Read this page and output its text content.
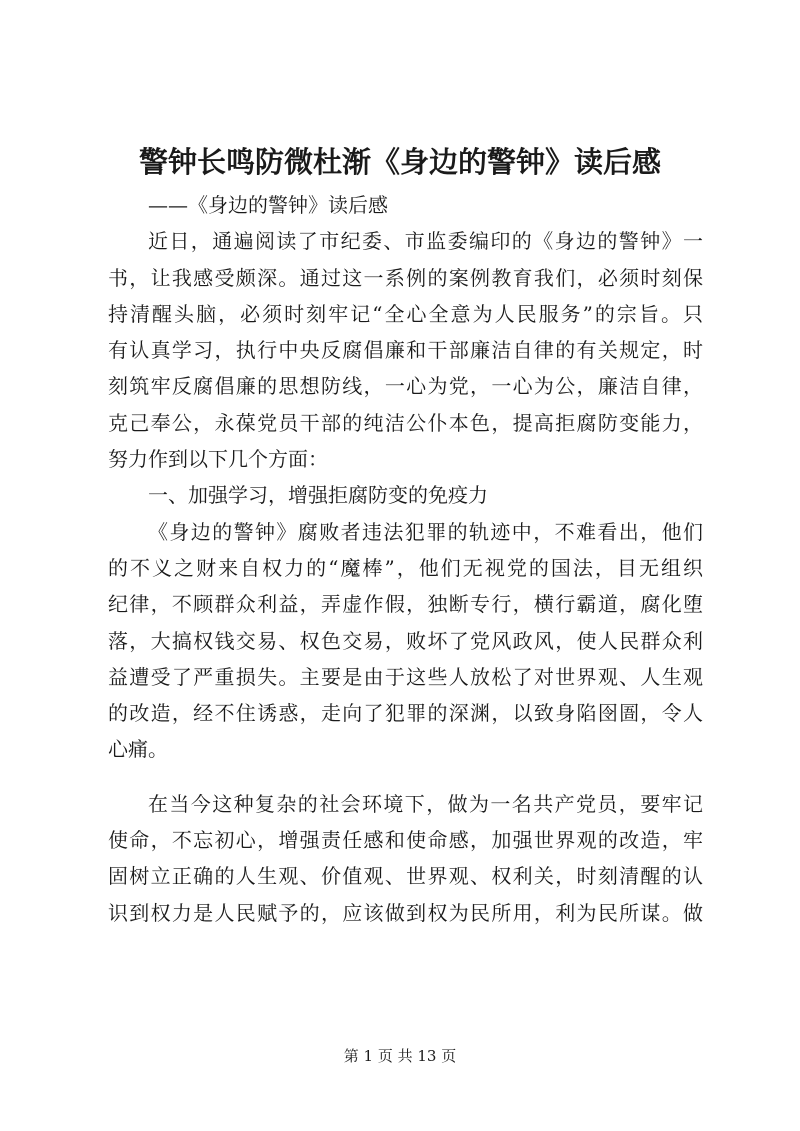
警钟长鸣防微杜渐《身边的警钟》读后感
——《身边的警钟》读后感
近日，通遍阅读了市纪委、市监委编印的《身边的警钟》一
书，让我感受颇深。通过这一系例的案例教育我们，必须时刻保
持清醒头脑，必须时刻牢记“全心全意为人民服务”的宗旨。只
有认真学习，执行中央反腐倡廉和干部廉洁自律的有关规定，时
刻筑牢反腐倡廉的思想防线，一心为党，一心为公，廉洁自律，
克己奉公，永葆党员干部的纯洁公仆本色，提高拒腐防变能力，
努力作到以下几个方面：
一、加强学习，增强拒腐防变的免疫力
《身边的警钟》腐败者违法犯罪的轨迹中，不难看出，他们
的不义之财来自权力的“魔棒”，他们无视党的国法，目无组织
纪律，不顾群众利益，弄虚作假，独断专行，横行霸道，腐化堕
落，大搞权钱交易、权色交易，败坏了党风政风，使人民群众利
益遭受了严重损失。主要是由于这些人放松了对世界观、人生观
的改造，经不住诱惑，走向了犯罪的深渊，以致身陷囹圄，令人
心痛。
在当今这种复杂的社会环境下，做为一名共产党员，要牢记
使命，不忘初心，增强责任感和使命感，加强世界观的改造，牢
固树立正确的人生观、价值观、世界观、权利关，时刻清醒的认
识到权力是人民赋予的，应该做到权为民所用，利为民所谋。做
第 1 页 共 13 页
